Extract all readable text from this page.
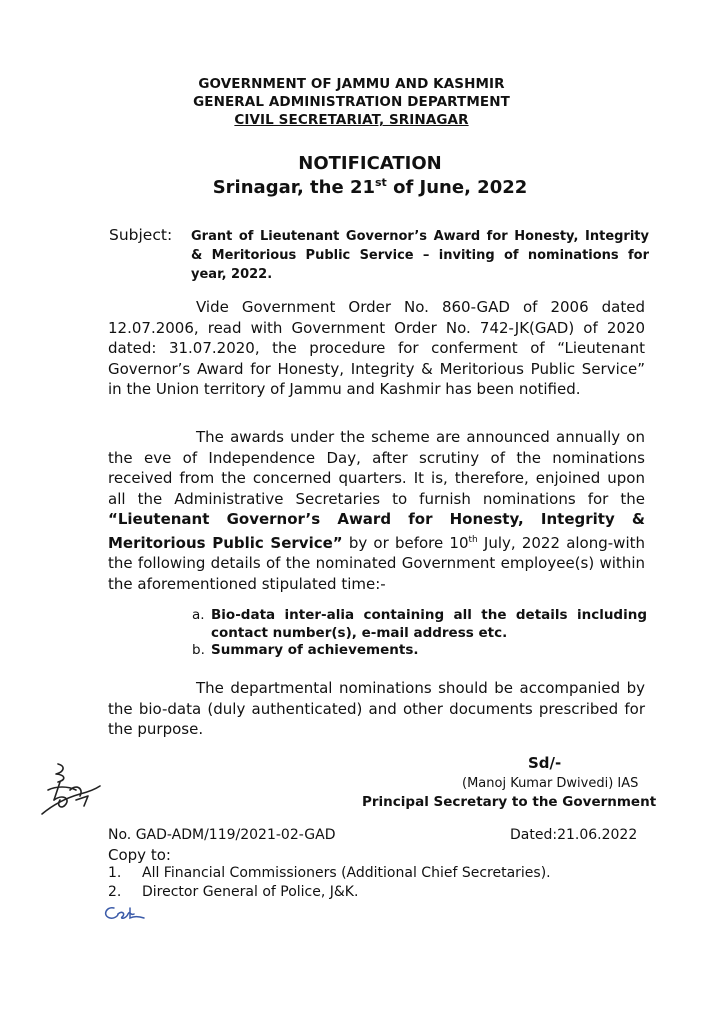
GOVERNMENT OF JAMMU AND KASHMIR
GENERAL ADMINISTRATION DEPARTMENT
CIVIL SECRETARIAT, SRINAGAR
NOTIFICATION
Srinagar, the 21st of June, 2022
Subject: Grant of Lieutenant Governor’s Award for Honesty, Integrity & Meritorious Public Service – inviting of nominations for year, 2022.
Vide Government Order No. 860-GAD of 2006 dated 12.07.2006, read with Government Order No. 742-JK(GAD) of 2020 dated: 31.07.2020, the procedure for conferment of “Lieutenant Governor’s Award for Honesty, Integrity & Meritorious Public Service” in the Union territory of Jammu and Kashmir has been notified.
The awards under the scheme are announced annually on the eve of Independence Day, after scrutiny of the nominations received from the concerned quarters. It is, therefore, enjoined upon all the Administrative Secretaries to furnish nominations for the “Lieutenant Governor’s Award for Honesty, Integrity & Meritorious Public Service” by or before 10th July, 2022 along-with the following details of the nominated Government employee(s) within the aforementioned stipulated time:-
a. Bio-data inter-alia containing all the details including contact number(s), e-mail address etc.
b. Summary of achievements.
The departmental nominations should be accompanied by the bio-data (duly authenticated) and other documents prescribed for the purpose.
Sd/-
(Manoj Kumar Dwivedi) IAS
Principal Secretary to the Government
No. GAD-ADM/119/2021-02-GAD	Dated:21.06.2022
Copy to:
1.	All Financial Commissioners (Additional Chief Secretaries).
2.	Director General of Police, J&K.
